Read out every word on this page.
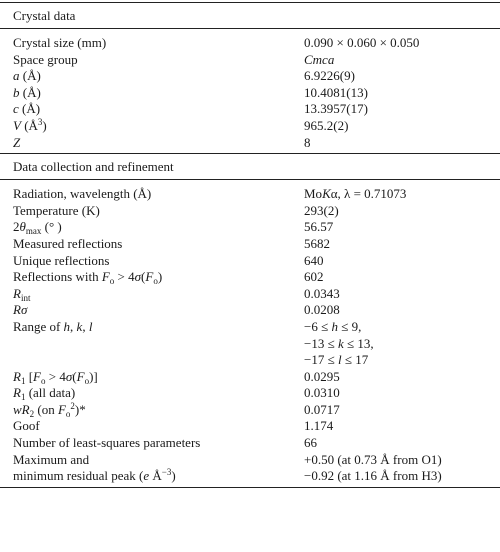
Crystal data
Crystal size (mm)	0.090 × 0.060 × 0.050
Space group	Cmca
a (Å)	6.9226(9)
b (Å)	10.4081(13)
c (Å)	13.3957(17)
V $(Å^3)$	965.2(2)
Z	8
Data collection and refinement
Radiation, wavelength (Å)	MoKα, λ = 0.71073
Temperature (K)	293(2)
$2\theta_{max}$ (° )	56.57
Measured reflections	5682
Unique reflections	640
Reflections with $F_o > 4\sigma(F_o)$	602
$R_{int}$	0.0343
Rσ	0.0208
Range of h, k, l	−6 ≤ h ≤ 9,
−13 ≤ k ≤ 13,
−17 ≤ l ≤ 17
$R_1$ $[F_o > 4\sigma(F_o)]$	0.0295
$R_1$ (all data)	0.0310
$wR_2$ (on $F_o^2)*$	0.0717
Goof	1.174
Number of least-squares parameters	66
Maximum and	+0.50 (at 0.73 Å from O1)
minimum residual peak (e $Å^{-3}$)	−0.92 (at 1.16 Å from H3)
